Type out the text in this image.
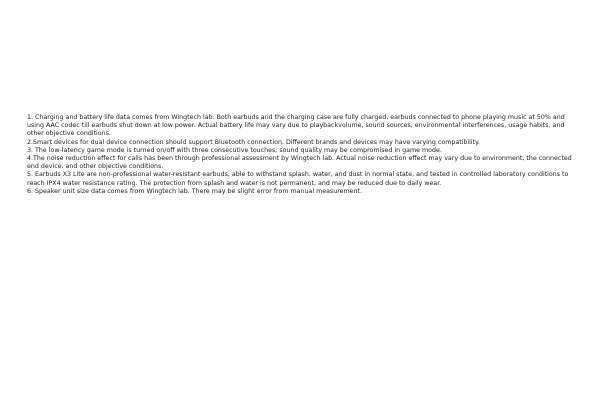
1. Charging and battery life data comes from Wingtech lab. Both earbuds and the charging case are fully charged, earbuds connected to phone playing music at 50% and using AAC codec till earbuds shut down at low power. Actual battery life may vary due to playbackvolume, sound sources, environmental interferences, usage habits, and other objective conditions.

2.Smart devices for dual device connection should support Bluetooth connection. Different brands and devices may have varying compatibility.

3. The low-latency game mode is turned on/off with three consecutive touches; sound quality may be compromised in game mode.

4.The noise reduction effect for calls has been through professional assessment by Wingtech lab. Actual noise reduction effect may vary due to environment, the connected end device, and other objective conditions.

5. Earbuds X3 Lite are non-professional water-resistant earbuds, able to withstand splash, water, and dust in normal state, and tested in controlled laboratory conditions to reach IPX4 water resistance rating. The protection from splash and water is not permanent, and may be reduced due to daily wear.

6. Speaker unit size data comes from Wingtech lab. There may be slight error from manual measurement.
